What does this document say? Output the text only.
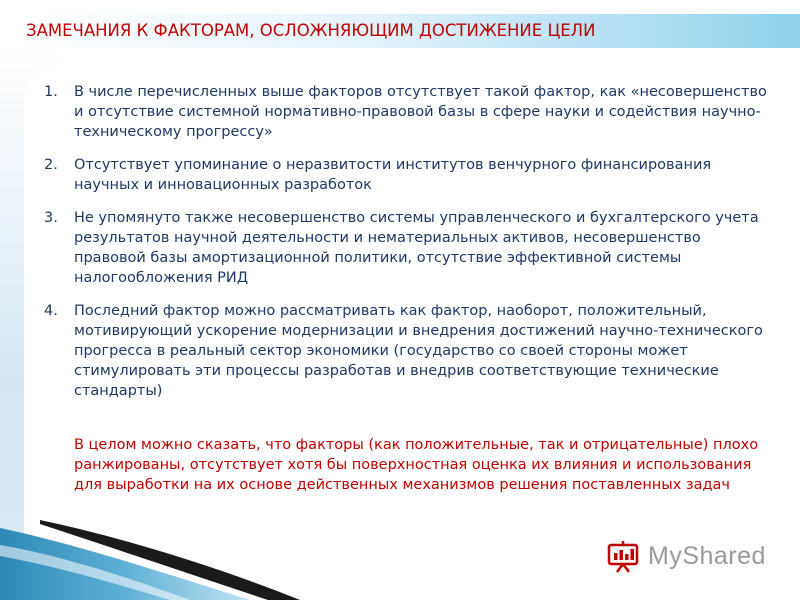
ЗАМЕЧАНИЯ К ФАКТОРАМ, ОСЛОЖНЯЮЩИМ ДОСТИЖЕНИЕ ЦЕЛИ
1.	В числе перечисленных выше факторов отсутствует такой фактор, как «несовершенство и отсутствие системной нормативно-правовой базы в сфере науки и содействия научно-техническому прогрессу»
2.	Отсутствует упоминание о неразвитости институтов венчурного финансирования научных и инновационных разработок
3.	Не упомянуто также несовершенство системы управленческого и бухгалтерского учета результатов научной деятельности и нематериальных активов, несовершенство правовой базы амортизационной политики, отсутствие эффективной системы налогообложения РИД
4.	Последний фактор можно рассматривать как фактор, наоборот, положительный, мотивирующий ускорение модернизации и внедрения достижений научно-технического прогресса в реальный сектор экономики (государство со своей стороны может стимулировать эти процессы разработав и внедрив соответствующие технические стандарты)
В целом можно сказать, что факторы (как положительные, так и отрицательные) плохо ранжированы, отсутствует хотя бы поверхностная оценка их влияния и использования для выработки на их основе действенных механизмов решения поставленных задач
MyShared
